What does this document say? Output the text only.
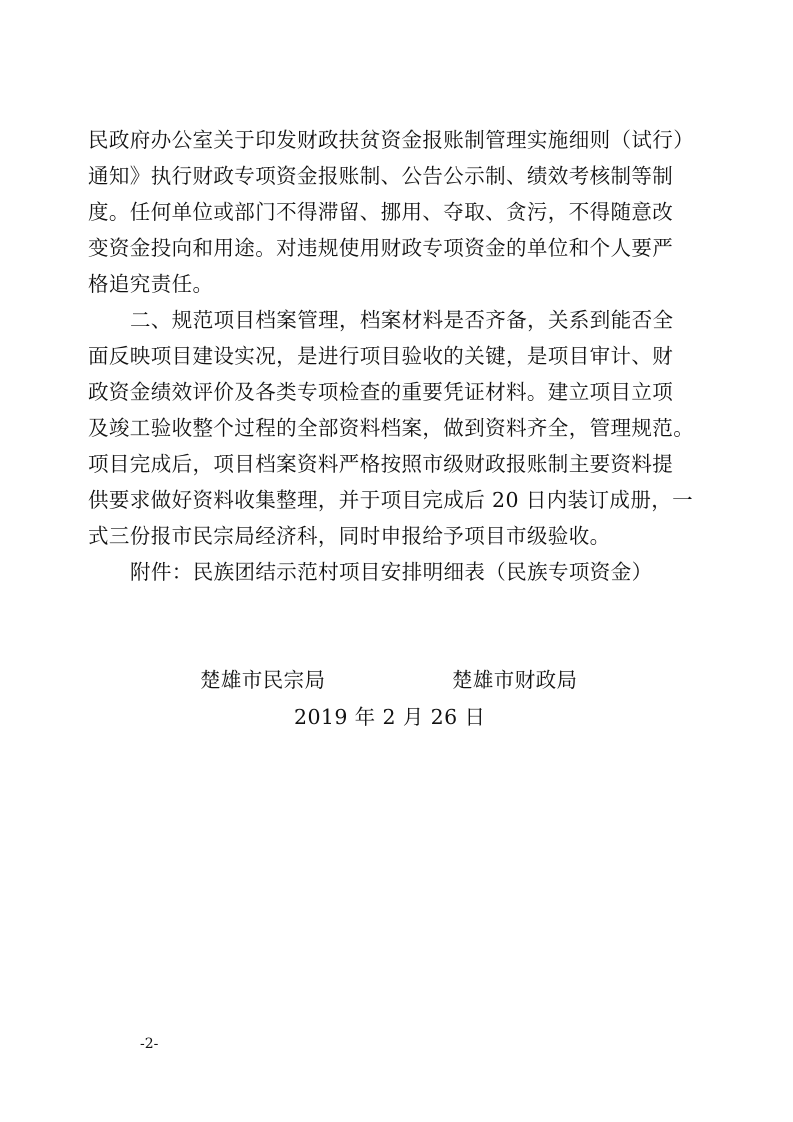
民政府办公室关于印发财政扶贫资金报账制管理实施细则（试行）
通知》执行财政专项资金报账制、公告公示制、绩效考核制等制
度。任何单位或部门不得滞留、挪用、夺取、贪污，不得随意改
变资金投向和用途。对违规使用财政专项资金的单位和个人要严
格追究责任。
二、规范项目档案管理，档案材料是否齐备，关系到能否全
面反映项目建设实况，是进行项目验收的关键，是项目审计、财
政资金绩效评价及各类专项检查的重要凭证材料。建立项目立项
及竣工验收整个过程的全部资料档案，做到资料齐全，管理规范。
项目完成后，项目档案资料严格按照市级财政报账制主要资料提
供要求做好资料收集整理，并于项目完成后 20 日内装订成册，一
式三份报市民宗局经济科，同时申报给予项目市级验收。
附件：民族团结示范村项目安排明细表（民族专项资金）
楚雄市民宗局	楚雄市财政局
2019 年 2 月 26 日
-2-
